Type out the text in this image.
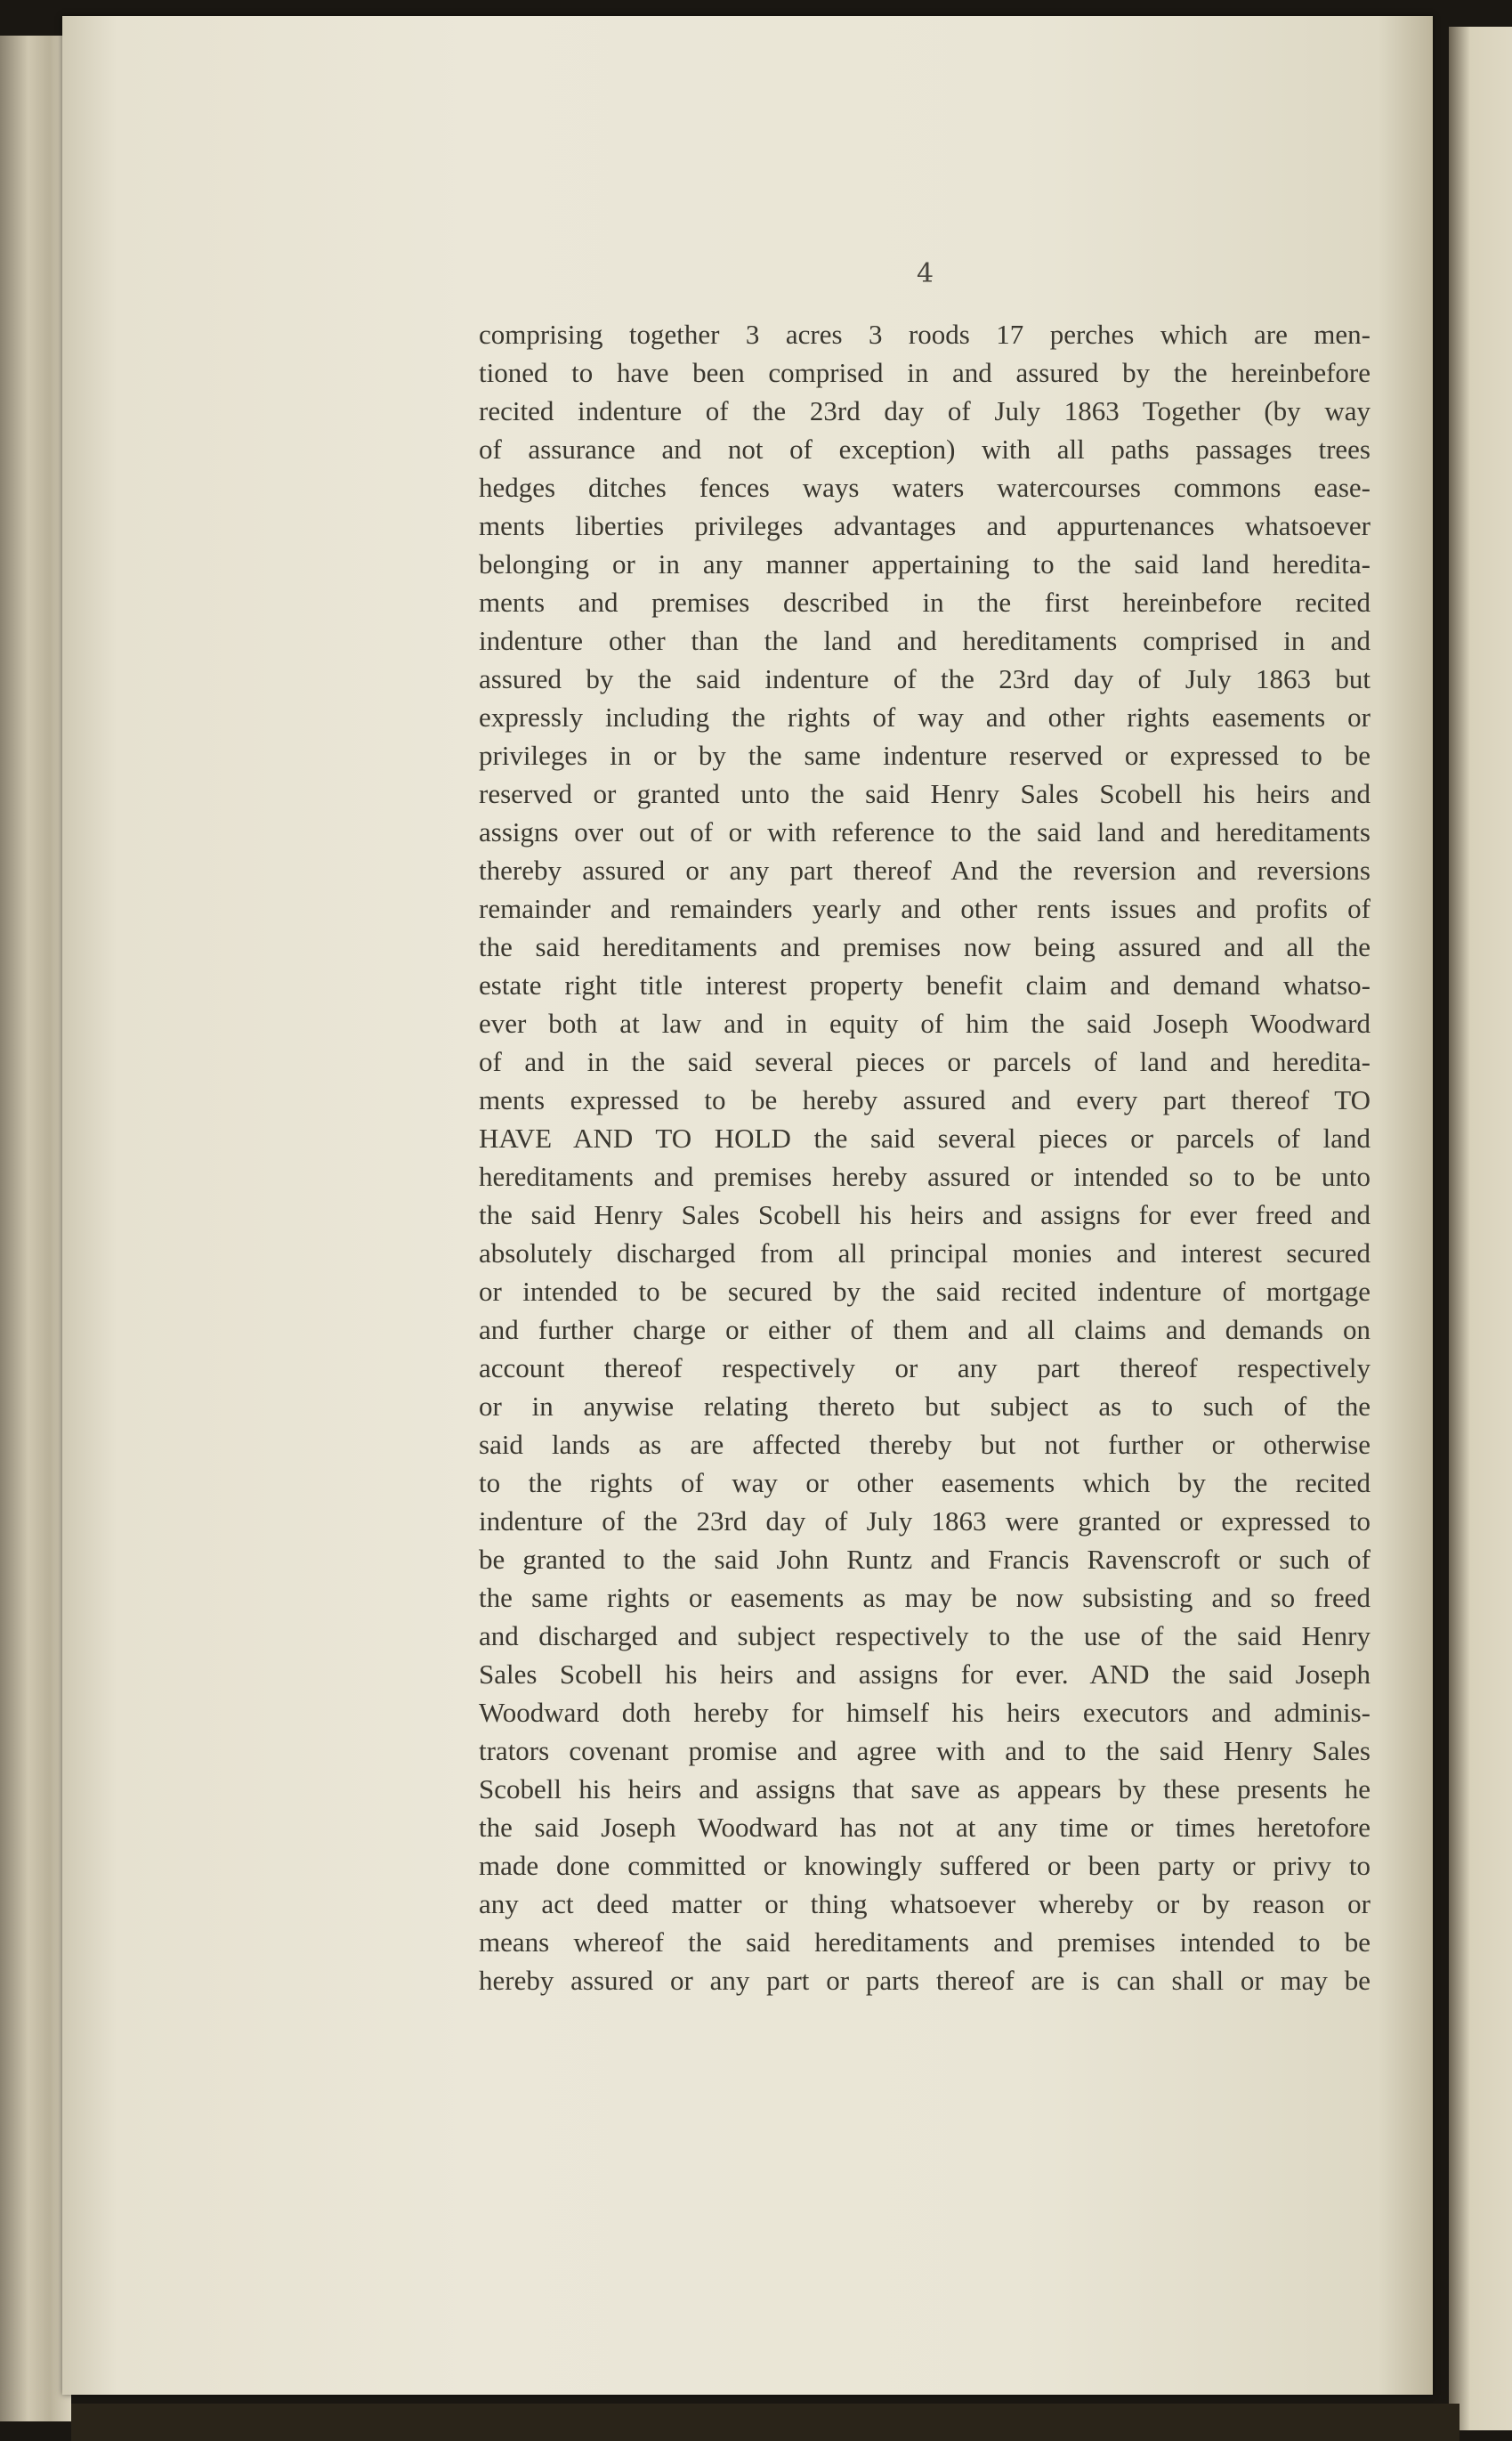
4
comprising together 3 acres 3 roods 17 perches which are men-
tioned to have been comprised in and assured by the hereinbefore
recited indenture of the 23rd day of July 1863 Together (by way
of assurance and not of exception) with all paths passages trees
hedges ditches fences ways waters watercourses commons ease-
ments liberties privileges advantages and appurtenances whatsoever
belonging or in any manner appertaining to the said land heredita-
ments and premises described in the first hereinbefore recited
indenture other than the land and hereditaments comprised in and
assured by the said indenture of the 23rd day of July 1863 but
expressly including the rights of way and other rights easements or
privileges in or by the same indenture reserved or expressed to be
reserved or granted unto the said Henry Sales Scobell his heirs and
assigns over out of or with reference to the said land and hereditaments
thereby assured or any part thereof And the reversion and reversions
remainder and remainders yearly and other rents issues and profits of
the said hereditaments and premises now being assured and all the
estate right title interest property benefit claim and demand whatso-
ever both at law and in equity of him the said Joseph Woodward
of and in the said several pieces or parcels of land and heredita-
ments expressed to be hereby assured and every part thereof TO
HAVE AND TO HOLD the said several pieces or parcels of land
hereditaments and premises hereby assured or intended so to be unto
the said Henry Sales Scobell his heirs and assigns for ever freed and
absolutely discharged from all principal monies and interest secured
or intended to be secured by the said recited indenture of mortgage
and further charge or either of them and all claims and demands on
account thereof respectively or any part thereof respectively
or in anywise relating thereto but subject as to such of the
said lands as are affected thereby but not further or otherwise
to the rights of way or other easements which by the recited
indenture of the 23rd day of July 1863 were granted or expressed to
be granted to the said John Runtz and Francis Ravenscroft or such of
the same rights or easements as may be now subsisting and so freed
and discharged and subject respectively to the use of the said Henry
Sales Scobell his heirs and assigns for ever. AND the said Joseph
Woodward doth hereby for himself his heirs executors and adminis-
trators covenant promise and agree with and to the said Henry Sales
Scobell his heirs and assigns that save as appears by these presents he
the said Joseph Woodward has not at any time or times heretofore
made done committed or knowingly suffered or been party or privy to
any act deed matter or thing whatsoever whereby or by reason or
means whereof the said hereditaments and premises intended to be
hereby assured or any part or parts thereof are is can shall or may be
